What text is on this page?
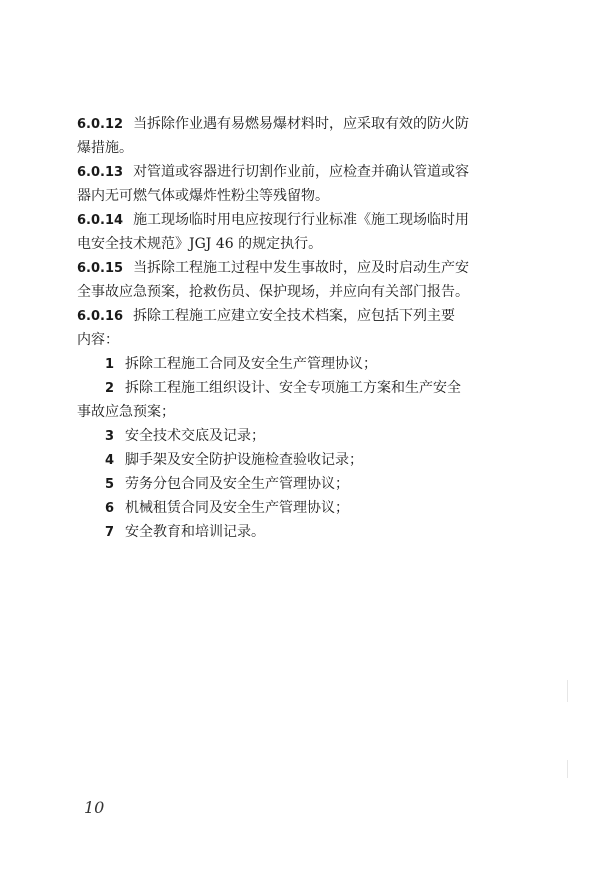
6.0.12 当拆除作业遇有易燃易爆材料时，应采取有效的防火防
爆措施。
6.0.13 对管道或容器进行切割作业前，应检查并确认管道或容
器内无可燃气体或爆炸性粉尘等残留物。
6.0.14 施工现场临时用电应按现行行业标准《施工现场临时用
电安全技术规范》JGJ 46 的规定执行。
6.0.15 当拆除工程施工过程中发生事故时，应及时启动生产安
全事故应急预案，抢救伤员、保护现场，并应向有关部门报告。
6.0.16 拆除工程施工应建立安全技术档案，应包括下列主要
内容：
1 拆除工程施工合同及安全生产管理协议；
2 拆除工程施工组织设计、安全专项施工方案和生产安全
事故应急预案；
3 安全技术交底及记录；
4 脚手架及安全防护设施检查验收记录；
5 劳务分包合同及安全生产管理协议；
6 机械租赁合同及安全生产管理协议；
7 安全教育和培训记录。
10
